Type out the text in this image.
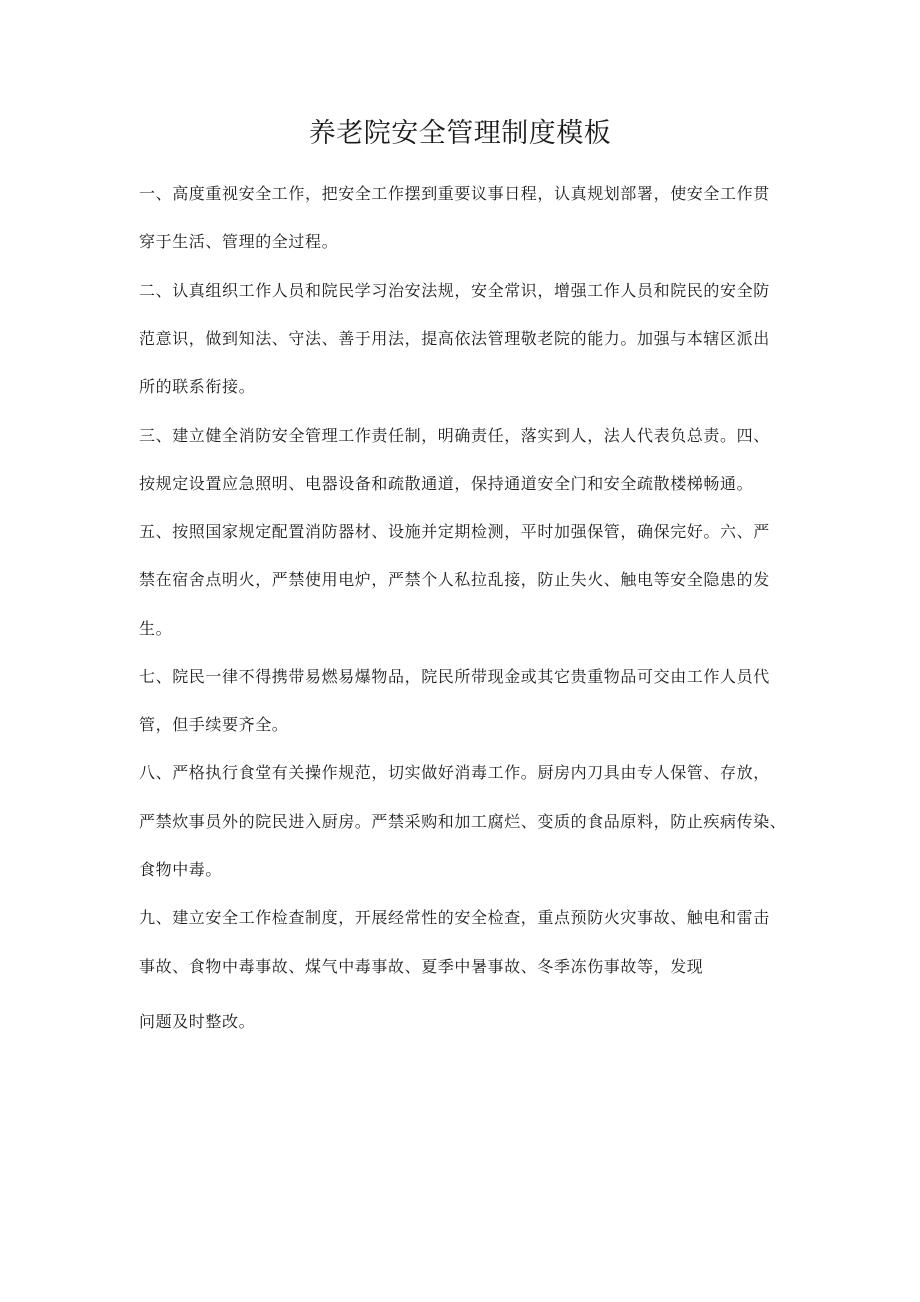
养老院安全管理制度模板
一、高度重视安全工作，把安全工作摆到重要议事日程，认真规划部署，使安全工作贯
穿于生活、管理的全过程。
二、认真组织工作人员和院民学习治安法规，安全常识，增强工作人员和院民的安全防
范意识，做到知法、守法、善于用法，提高依法管理敬老院的能力。加强与本辖区派出
所的联系衔接。
三、建立健全消防安全管理工作责任制，明确责任，落实到人，法人代表负总责。四、
按规定设置应急照明、电器设备和疏散通道，保持通道安全门和安全疏散楼梯畅通。
五、按照国家规定配置消防器材、设施并定期检测，平时加强保管，确保完好。六、严
禁在宿舍点明火，严禁使用电炉，严禁个人私拉乱接，防止失火、触电等安全隐患的发
生。
七、院民一律不得携带易燃易爆物品，院民所带现金或其它贵重物品可交由工作人员代
管，但手续要齐全。
八、严格执行食堂有关操作规范，切实做好消毒工作。厨房内刀具由专人保管、存放，
严禁炊事员外的院民进入厨房。严禁采购和加工腐烂、变质的食品原料，防止疾病传染、
食物中毒。
九、建立安全工作检查制度，开展经常性的安全检查，重点预防火灾事故、触电和雷击
事故、食物中毒事故、煤气中毒事故、夏季中暑事故、冬季冻伤事故等，发现
问题及时整改。
